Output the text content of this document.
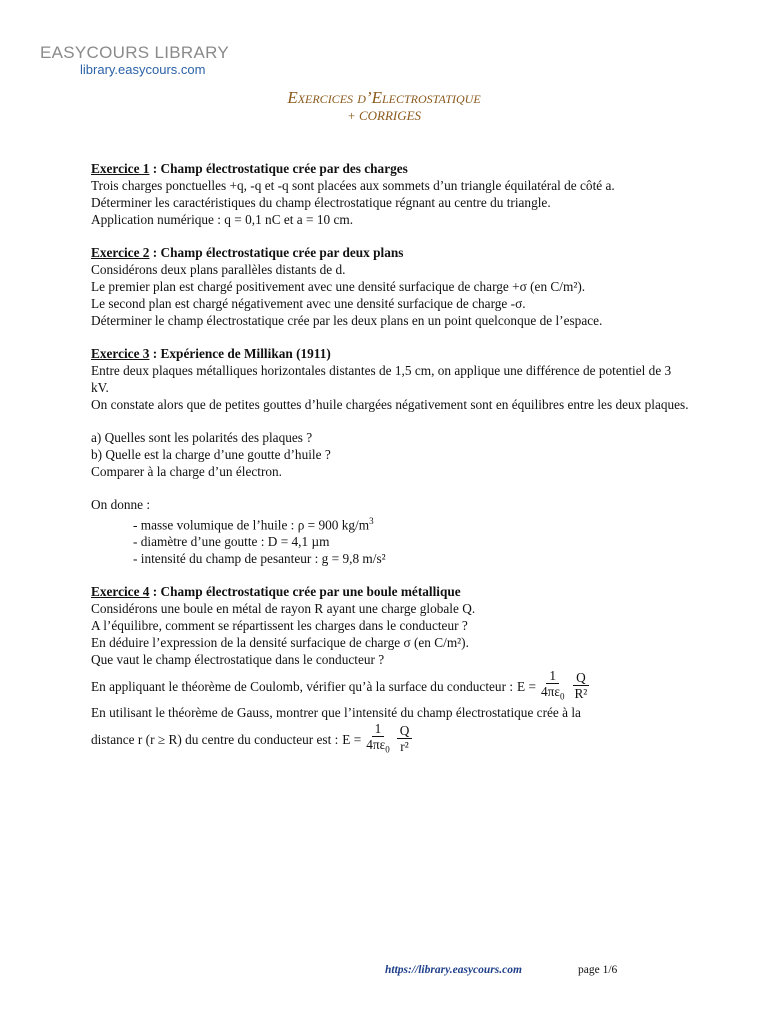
EASYCOURS LIBRARY
library.easycours.com
Exercices d’Electrostatique
+ CORRIGES

Exercice 1 : Champ électrostatique crée par des charges

Trois charges ponctuelles +q, -q et -q sont placées aux sommets d’un triangle équilatéral de côté a.

Déterminer les caractéristiques du champ électrostatique régnant au centre du triangle.

Application numérique : q = 0,1 nC et a = 10 cm.

Exercice 2 : Champ électrostatique crée par deux plans

Considérons deux plans parallèles distants de d.

Le premier plan est chargé positivement avec une densité surfacique de charge +σ (en C/m²).

Le second plan est chargé négativement avec une densité surfacique de charge -σ.

Déterminer le champ électrostatique crée par les deux plans en un point quelconque de l’espace.

Exercice 3 : Expérience de Millikan (1911)

Entre deux plaques métalliques horizontales distantes de 1,5 cm, on applique une différence de potentiel de 3 kV.

On constate alors que de petites gouttes d’huile chargées négativement sont en équilibres entre les deux plaques.

a) Quelles sont les polarités des plaques ?

b) Quelle est la charge d’une goutte d’huile ?

Comparer à la charge d’un électron.

On donne :

- masse volumique de l’huile : ρ = 900 $kg/m^3$

- diamètre d’une goutte : D = 4,1 µm

- intensité du champ de pesanteur : g = 9,8 m/s²

Exercice 4 : Champ électrostatique crée par une boule métallique

Considérons une boule en métal de rayon R ayant une charge globale Q.

A l’équilibre, comment se répartissent les charges dans le conducteur ?

En déduire l’expression de la densité surfacique de charge σ (en C/m²).

Que vaut le champ électrostatique dans le conducteur ?

En appliquant le théorème de Coulomb, vérifier qu’à la surface du conducteur : $E = \frac{1}{4\pi\varepsilon_0} \frac{Q}{\text{R²}}$

En utilisant le théorème de Gauss, montrer que l’intensité du champ électrostatique crée à la

distance r (r ≥ R) du centre du conducteur est : $E = \frac{1}{4\pi\varepsilon_0} \frac{Q}{\text{r²}}$
https://library.easycours.com	page 1/6
